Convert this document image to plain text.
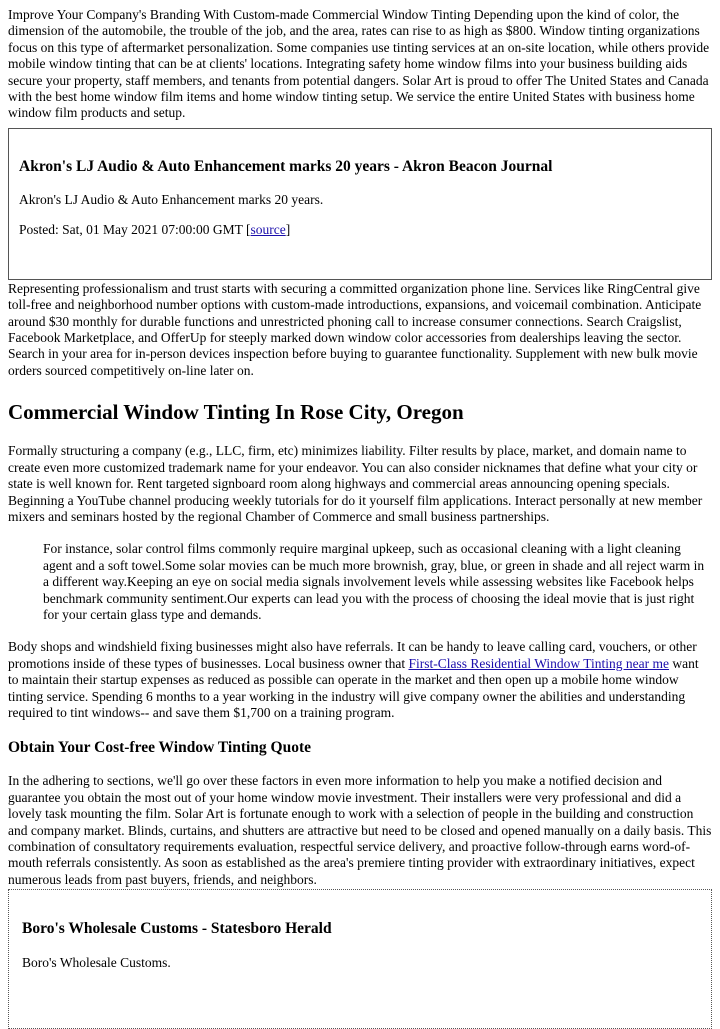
Improve Your Company's Branding With Custom-made Commercial Window Tinting Depending upon the kind of color, the dimension of the automobile, the trouble of the job, and the area, rates can rise to as high as $800. Window tinting organizations focus on this type of aftermarket personalization. Some companies use tinting services at an on-site location, while others provide mobile window tinting that can be at clients' locations. Integrating safety home window films into your business building aids secure your property, staff members, and tenants from potential dangers. Solar Art is proud to offer The United States and Canada with the best home window film items and home window tinting setup. We service the entire United States with business home window film products and setup.

Akron's LJ Audio & Auto Enhancement marks 20 years - Akron Beacon Journal

Akron's LJ Audio & Auto Enhancement marks 20 years.

Posted: Sat, 01 May 2021 07:00:00 GMT [source]

Representing professionalism and trust starts with securing a committed organization phone line. Services like RingCentral give toll-free and neighborhood number options with custom-made introductions, expansions, and voicemail combination. Anticipate around $30 monthly for durable functions and unrestricted phoning call to increase consumer connections. Search Craigslist, Facebook Marketplace, and OfferUp for steeply marked down window color accessories from dealerships leaving the sector. Search in your area for in-person devices inspection before buying to guarantee functionality. Supplement with new bulk movie orders sourced competitively on-line later on.

Commercial Window Tinting In Rose City, Oregon

Formally structuring a company (e.g., LLC, firm, etc) minimizes liability. Filter results by place, market, and domain name to create even more customized trademark name for your endeavor. You can also consider nicknames that define what your city or state is well known for. Rent targeted signboard room along highways and commercial areas announcing opening specials. Beginning a YouTube channel producing weekly tutorials for do it yourself film applications. Interact personally at new member mixers and seminars hosted by the regional Chamber of Commerce and small business partnerships.

For instance, solar control films commonly require marginal upkeep, such as occasional cleaning with a light cleaning agent and a soft towel.Some solar movies can be much more brownish, gray, blue, or green in shade and all reject warm in a different way.Keeping an eye on social media signals involvement levels while assessing websites like Facebook helps benchmark community sentiment.Our experts can lead you with the process of choosing the ideal movie that is just right for your certain glass type and demands.

Body shops and windshield fixing businesses might also have referrals. It can be handy to leave calling card, vouchers, or other promotions inside of these types of businesses. Local business owner that First-Class Residential Window Tinting near me want to maintain their startup expenses as reduced as possible can operate in the market and then open up a mobile home window tinting service. Spending 6 months to a year working in the industry will give company owner the abilities and understanding required to tint windows-- and save them $1,700 on a training program.

Obtain Your Cost-free Window Tinting Quote

In the adhering to sections, we'll go over these factors in even more information to help you make a notified decision and guarantee you obtain the most out of your home window movie investment. Their installers were very professional and did a lovely task mounting the film. Solar Art is fortunate enough to work with a selection of people in the building and construction and company market. Blinds, curtains, and shutters are attractive but need to be closed and opened manually on a daily basis. This combination of consultatory requirements evaluation, respectful service delivery, and proactive follow-through earns word-of-mouth referrals consistently. As soon as established as the area's premiere tinting provider with extraordinary initiatives, expect numerous leads from past buyers, friends, and neighbors.

Boro's Wholesale Customs - Statesboro Herald

Boro's Wholesale Customs.
